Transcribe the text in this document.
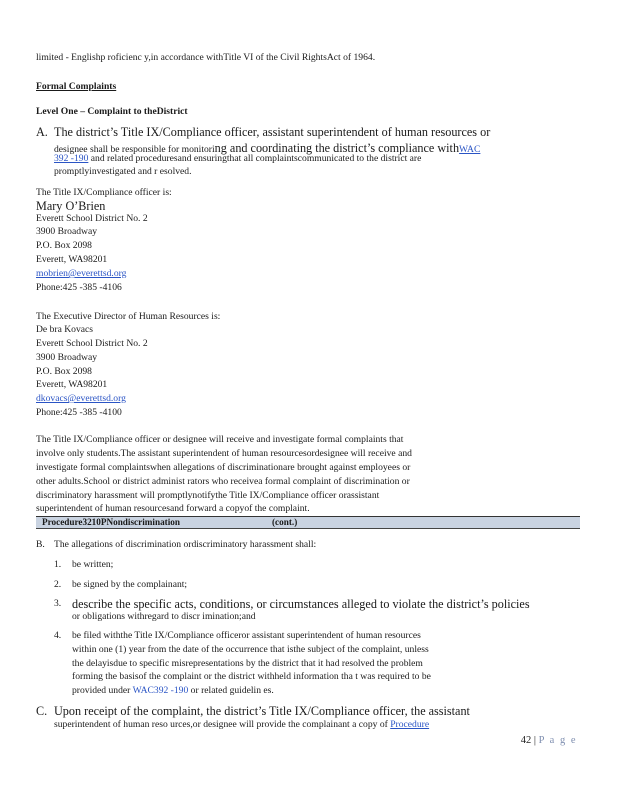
limited - Englishp roficienc y,in accordance withTitle VI of the Civil RightsAct of 1964.
Formal Complaints
Level One – Complaint to theDistrict
A. The district’s Title IX/Compliance officer, assistant superintendent of human resources or
designee shall be responsible for monitoring and coordinating the district’s compliance withWAC
392 -190 and related proceduresand ensuringthat all complaintscommunicated to the district are
promptlyinvestigated and r esolved.
The Title IX/Compliance officer is:
Mary O’Brien
Everett School District No. 2
3900 Broadway
P.O. Box 2098
Everett, WA98201
mobrien@everettsd.org
Phone:425 -385 -4106
The Executive Director of Human Resources is:
De bra Kovacs
Everett School District No. 2
3900 Broadway
P.O. Box 2098
Everett, WA98201
dkovacs@everettsd.org
Phone:425 -385 -4100
The Title IX/Compliance officer or designee will receive and investigate formal complaints that
involve only students.The assistant superintendent of human resourcesordesignee will receive and
investigate formal complaintswhen allegations of discriminationare brought against employees or
other adults.School or district administ rators who receivea formal complaint of discrimination or
discriminatory harassment will promptlynotifythe Title IX/Compliance officer orassistant
superintendent of human resourcesand forward a copyof the complaint.
Procedure3210PNondiscrimination	(cont.)
B. The allegations of discrimination ordiscriminatory harassment shall:
1. be written;
2. be signed by the complainant;
3. describe the specific acts, conditions, or circumstances alleged to violate the district’s policies
or obligations withregard to discr imination;and
4. be filed withthe Title IX/Compliance officeror assistant superintendent of human resources
within one (1) year from the date of the occurrence that isthe subject of the complaint, unless
the delayisdue to specific misrepresentations by the district that it had resolved the problem
forming the basisof the complaint or the district withheld information tha t was required to be
provided under WAC392 -190 or related guidelin es.
C. Upon receipt of the complaint, the district’s Title IX/Compliance officer, the assistant
superintendent of human reso urces,or designee will provide the complainant a copy of Procedure
42 | P a g e
